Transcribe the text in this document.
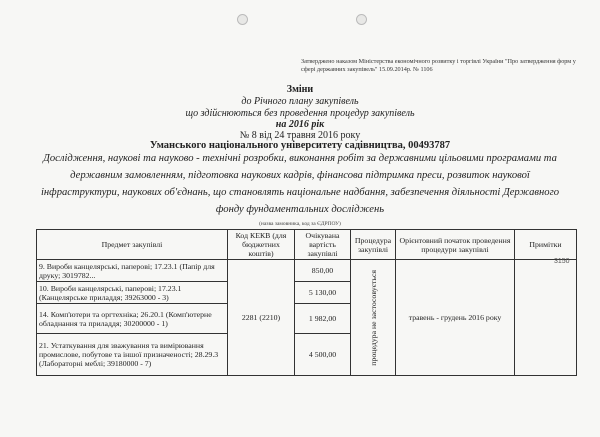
Затверджено наказом Міністерства економічного розвитку і торгівлі України "Про затвердження форм у сфері державних закупівель" 15.09.2014р. № 1106
Зміни
до Річного плану закупівель
що здійснюються без проведення процедур закупівель
на 2016 рік
№ 8 від 24 травня 2016 року
Уманського національного університету садівництва, 00493787
Дослідження, наукові та науково - технічні розробки, виконання робіт за державними цільовими програмами та державним замовленням, підготовка наукових кадрів, фінансова підтримка преси, розвиток наукової інфраструктури, наукових об'єднань, що становлять національне надбання, забезпечення діяльності Державного фонду фундаментальних досліджень
(назва замовника, код за ЄДРПОУ)
Предмет закупівлі	Код КЕКВ (для бюджетних коштів)	Очікувана вартість закупівлі	Процедура закупівлі	Орієнтовний початок проведення процедури закупівлі	Примітки
9. Вироби канцелярські, паперові; 17.23.1 (Папір для друку; 3019782...	2281 (2210)	850,00	процедура не застосовується	травень - грудень 2016 року	
10. Вироби канцелярські, паперові; 17.23.1 (Канцелярське приладдя; 39263000 - 3)		5 130,00			
14. Комп'ютери та оргтехніка; 26.20.1 (Комп'ютерне обладнання та приладдя; 30200000 - 1)		1 982,00			
21. Устаткування для зважування та вимірювання промислове, побутове та іншої призначеності; 28.29.3 (Лабораторні меблі; 39180000 - 7)		4 500,00			
3150
